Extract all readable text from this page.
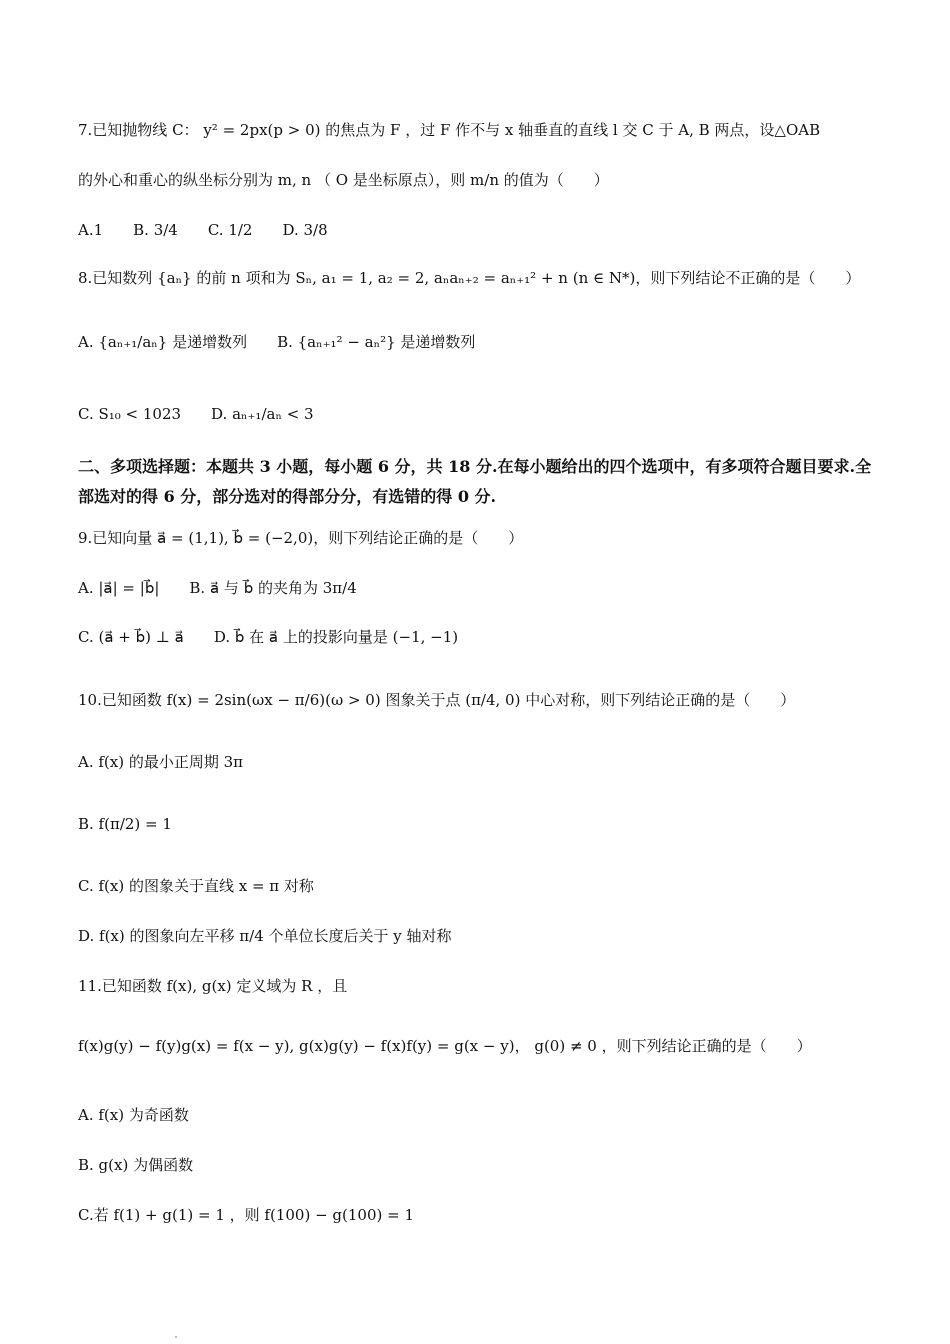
7.已知抛物线 C： y² = 2px(p > 0) 的焦点为 F ，过 F 作不与 x 轴垂直的直线 l 交 C 于 A, B 两点，设△OAB
的外心和重心的纵坐标分别为 m, n （ O 是坐标原点），则 m/n 的值为（　　）
A.1　　B. 3/4　　C. 1/2　　D. 3/8
8.已知数列 {aₙ} 的前 n 项和为 Sₙ, a₁ = 1, a₂ = 2, aₙaₙ₊₂ = aₙ₊₁² + n (n ∈ N*)，则下列结论不正确的是（　　）
A. {aₙ₊₁/aₙ} 是递增数列　　B. {aₙ₊₁² − aₙ²} 是递增数列
C. S₁₀ < 1023　　D. aₙ₊₁/aₙ < 3
二、多项选择题：本题共 3 小题，每小题 6 分，共 18 分.在每小题给出的四个选项中，有多项符合题目要求.全部选对的得 6 分，部分选对的得部分分，有选错的得 0 分.
9.已知向量 a⃗ = (1,1), b⃗ = (−2,0)，则下列结论正确的是（　　）
A. |a⃗| = |b⃗|　　B. a⃗ 与 b⃗ 的夹角为 3π/4
C. (a⃗ + b⃗) ⊥ a⃗　　D. b⃗ 在 a⃗ 上的投影向量是 (−1, −1)
10.已知函数 f(x) = 2sin(ωx − π/6)(ω > 0) 图象关于点 (π/4, 0) 中心对称，则下列结论正确的是（　　）
A. f(x) 的最小正周期 3π
B. f(π/2) = 1
C. f(x) 的图象关于直线 x = π 对称
D. f(x) 的图象向左平移 π/4 个单位长度后关于 y 轴对称
11.已知函数 f(x), g(x) 定义域为 R ，且
f(x)g(y) − f(y)g(x) = f(x − y), g(x)g(y) − f(x)f(y) = g(x − y)， g(0) ≠ 0 ，则下列结论正确的是（　　）
A. f(x) 为奇函数
B. g(x) 为偶函数
C.若 f(1) + g(1) = 1 ，则 f(100) − g(100) = 1
